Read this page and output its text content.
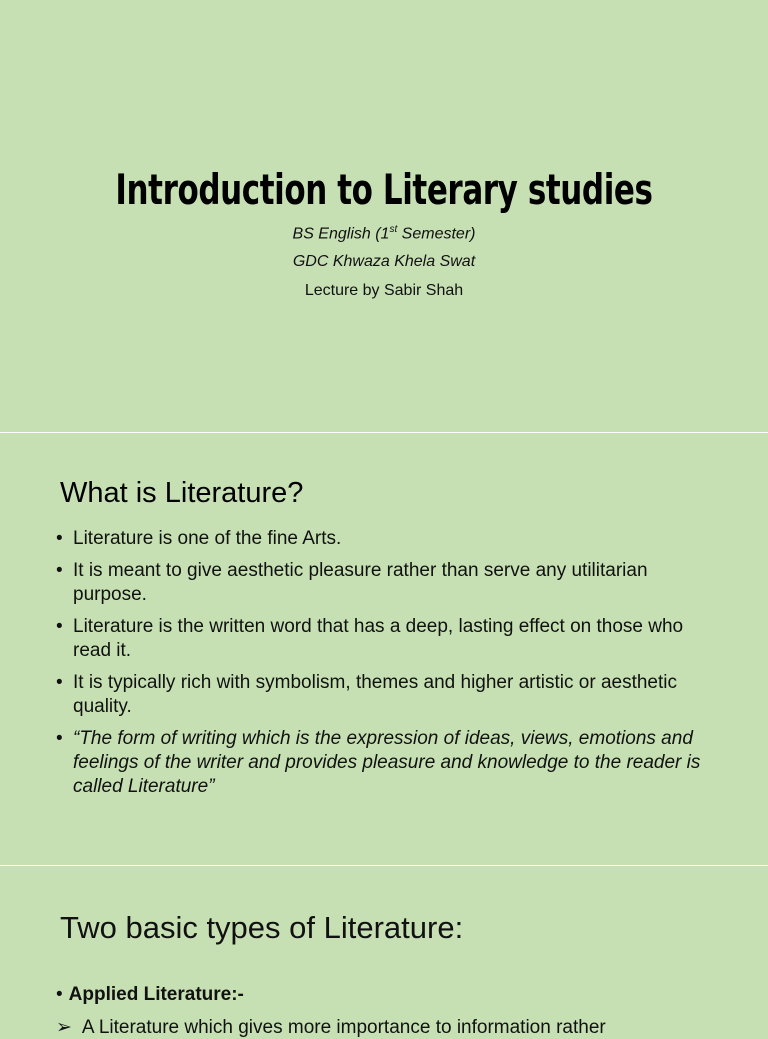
Introduction to Literary studies
BS English (1st Semester)
GDC Khwaza Khela Swat
Lecture by Sabir Shah
What is Literature?
• Literature is one of the fine Arts.
• It is meant to give aesthetic pleasure rather than serve any utilitarian purpose.
• Literature is the written word that has a deep, lasting effect on those who read it.
• It is typically rich with symbolism, themes and higher artistic or aesthetic quality.
• “The form of writing which is the expression of ideas, views, emotions and feelings of the writer and provides pleasure and knowledge to the reader is called Literature”
Two basic types of Literature:
• Applied Literature:-
➢ A Literature which gives more importance to information rather
